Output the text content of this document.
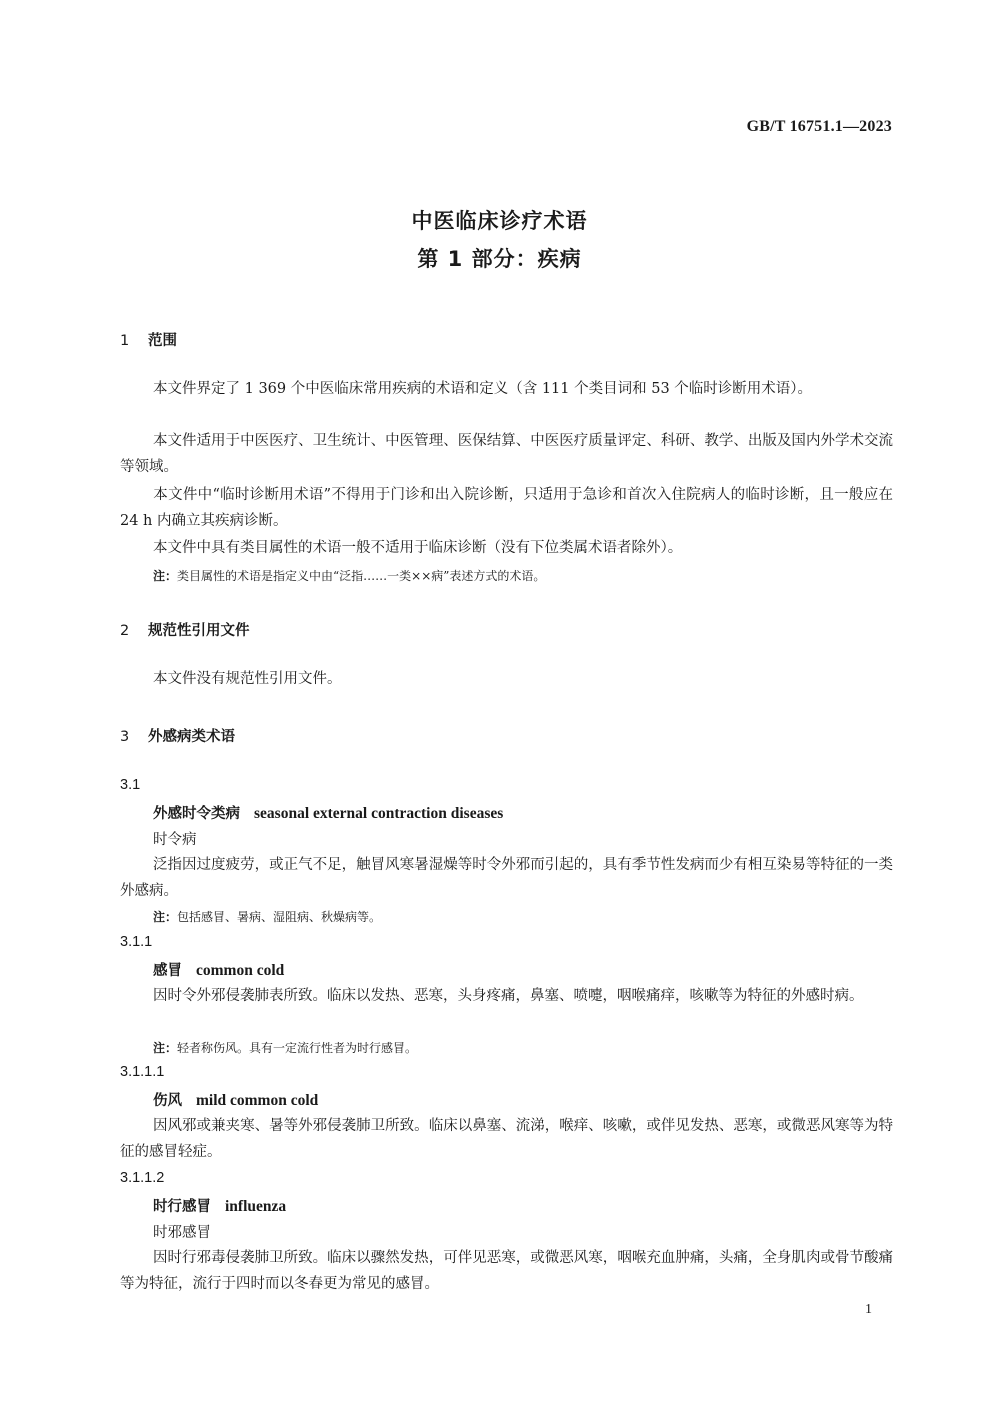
GB/T 16751.1—2023
中医临床诊疗术语
第 1 部分：疾病
1 范围
本文件界定了 1 369 个中医临床常用疾病的术语和定义（含 111 个类目词和 53 个临时诊断用术语）。
本文件适用于中医医疗、卫生统计、中医管理、医保结算、中医医疗质量评定、科研、教学、出版及国内外学术交流等领域。
本文件中“临时诊断用术语”不得用于门诊和出入院诊断，只适用于急诊和首次入住院病人的临时诊断，且一般应在 24 h 内确立其疾病诊断。
本文件中具有类目属性的术语一般不适用于临床诊断（没有下位类属术语者除外）。
注：类目属性的术语是指定义中由“泛指……一类××病”表述方式的术语。
2 规范性引用文件
本文件没有规范性引用文件。
3 外感病类术语
3.1
外感时令类病 seasonal external contraction diseases
时令病
泛指因过度疲劳，或正气不足，触冒风寒暑湿燥等时令外邪而引起的，具有季节性发病而少有相互染易等特征的一类外感病。
注：包括感冒、暑病、湿阻病、秋燥病等。
3.1.1
感冒 common cold
因时令外邪侵袭肺表所致。临床以发热、恶寒，头身疼痛，鼻塞、喷嚏，咽喉痛痒，咳嗽等为特征的外感时病。
注：轻者称伤风。具有一定流行性者为时行感冒。
3.1.1.1
伤风 mild common cold
因风邪或兼夹寒、暑等外邪侵袭肺卫所致。临床以鼻塞、流涕，喉痒、咳嗽，或伴见发热、恶寒，或微恶风寒等为特征的感冒轻症。
3.1.1.2
时行感冒 influenza
时邪感冒
因时行邪毒侵袭肺卫所致。临床以骤然发热，可伴见恶寒，或微恶风寒，咽喉充血肿痛，头痛，全身肌肉或骨节酸痛等为特征，流行于四时而以冬春更为常见的感冒。
1
